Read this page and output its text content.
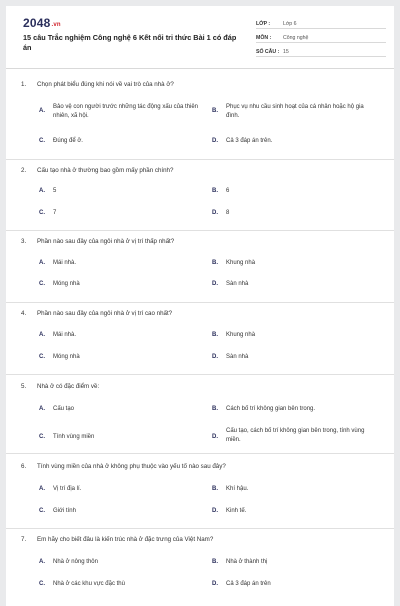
2048.vn
15 câu Trắc nghiệm Công nghệ 6 Kết nối tri thức Bài 1 có đáp án
LỚP :	Lớp 6
MÔN :	Công nghệ
SỐ CÂU : 15
1.	Chọn phát biểu đúng khi nói về vai trò của nhà ở?
A.
Bảo vệ con người trước những tác động xấu của thiên nhiên, xã hội.
B.
Phục vụ nhu cầu sinh hoạt của cá nhân hoặc hộ gia đình.
C.	Đúng để ở.	D.	Cả 3 đáp án trên.
2.	Cấu tạo nhà ở thường bao gồm mấy phần chính?
A.	5	B.	6
C.	7	D.	8
3.	Phần nào sau đây của ngôi nhà ở vị trí thấp nhất?
A.	Mái nhà.	B.	Khung nhà
C.	Móng nhà	D.	Sàn nhà
4.	Phần nào sau đây của ngôi nhà ở vị trí cao nhất?
A.	Mái nhà.	B.	Khung nhà
C.	Móng nhà	D.	Sàn nhà
5.	Nhà ở có đặc điểm về:
A.	Cấu tạo	B.	Cách bố trí không gian bên trong.
C.	Tính vùng miền	D.
Cấu tạo, cách bố trí không gian bên trong, tính vùng miền.
6.	Tính vùng miền của nhà ở không phụ thuộc vào yếu tố nào sau đây?
A.	Vị trí địa lí.	B.	Khí hậu.
C.	Giới tính	D.	Kinh tế.
7.	Em hãy cho biết đâu là kiến trúc nhà ở đặc trưng của Việt Nam?
A.	Nhà ở nông thôn	B.	Nhà ở thành thị
C.	Nhà ở các khu vực đặc thù	D.	Cả 3 đáp án trên
